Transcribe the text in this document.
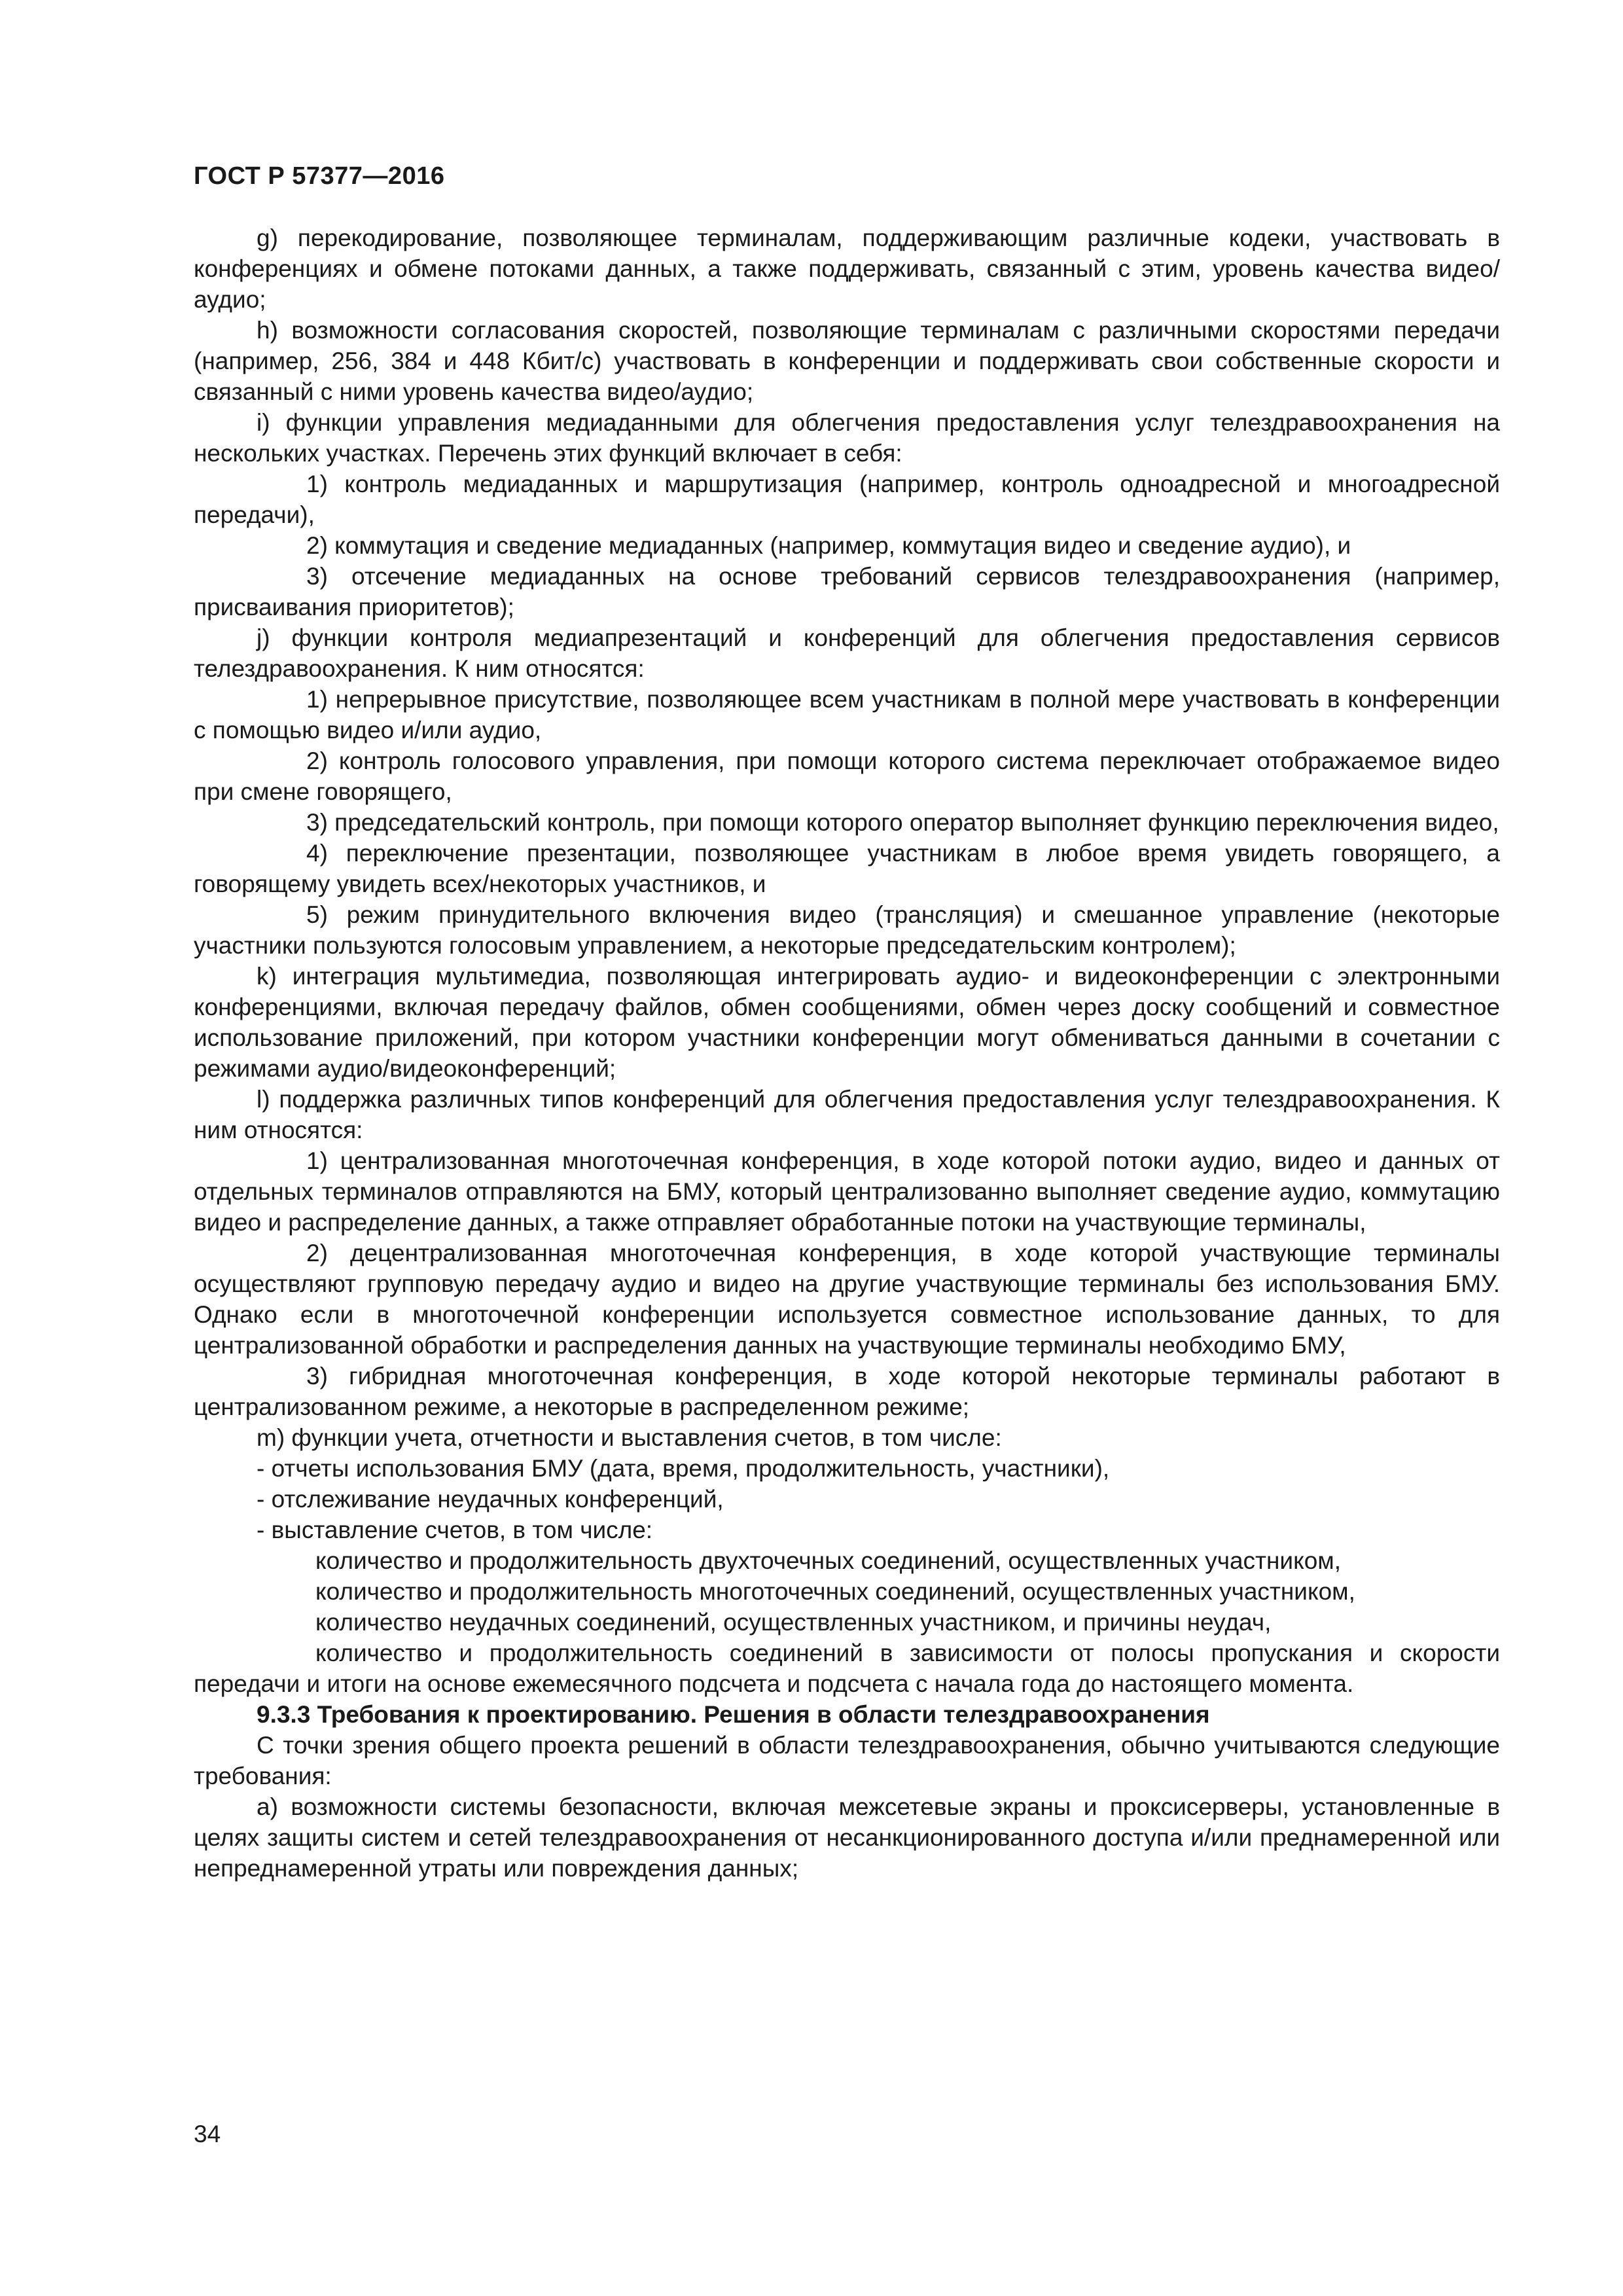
ГОСТ Р 57377—2016

g) перекодирование, позволяющее терминалам, поддерживающим различные кодеки, участвовать в конференциях и обмене потоками данных, а также поддерживать, связанный с этим, уровень качества видео/аудио;

h) возможности согласования скоростей, позволяющие терминалам с различными скоростями передачи (например, 256, 384 и 448 Кбит/с) участвовать в конференции и поддерживать свои собственные скорости и связанный с ними уровень качества видео/аудио;

i) функции управления медиаданными для облегчения предоставления услуг телездравоохранения на нескольких участках. Перечень этих функций включает в себя:

1) контроль медиаданных и маршрутизация (например, контроль одноадресной и многоадресной передачи),

2) коммутация и сведение медиаданных (например, коммутация видео и сведение аудио), и

3) отсечение медиаданных на основе требований сервисов телездравоохранения (например, присваивания приоритетов);

j) функции контроля медиапрезентаций и конференций для облегчения предоставления сервисов телездравоохранения. К ним относятся:

1) непрерывное присутствие, позволяющее всем участникам в полной мере участвовать в конференции с помощью видео и/или аудио,

2) контроль голосового управления, при помощи которого система переключает отображаемое видео при смене говорящего,

3) председательский контроль, при помощи которого оператор выполняет функцию переключения видео,

4) переключение презентации, позволяющее участникам в любое время увидеть говорящего, а говорящему увидеть всех/некоторых участников, и

5) режим принудительного включения видео (трансляция) и смешанное управление (некоторые участники пользуются голосовым управлением, а некоторые председательским контролем);

k) интеграция мультимедиа, позволяющая интегрировать аудио- и видеоконференции с электронными конференциями, включая передачу файлов, обмен сообщениями, обмен через доску сообщений и совместное использование приложений, при котором участники конференции могут обмениваться данными в сочетании с режимами аудио/видеоконференций;

l) поддержка различных типов конференций для облегчения предоставления услуг телездравоохранения. К ним относятся:

1) централизованная многоточечная конференция, в ходе которой потоки аудио, видео и данных от отдельных терминалов отправляются на БМУ, который централизованно выполняет сведение аудио, коммутацию видео и распределение данных, а также отправляет обработанные потоки на участвующие терминалы,

2) децентрализованная многоточечная конференция, в ходе которой участвующие терминалы осуществляют групповую передачу аудио и видео на другие участвующие терминалы без использования БМУ. Однако если в многоточечной конференции используется совместное использование данных, то для централизованной обработки и распределения данных на участвующие терминалы необходимо БМУ,

3) гибридная многоточечная конференция, в ходе которой некоторые терминалы работают в централизованном режиме, а некоторые в распределенном режиме;

m) функции учета, отчетности и выставления счетов, в том числе:

- отчеты использования БМУ (дата, время, продолжительность, участники),

- отслеживание неудачных конференций,

- выставление счетов, в том числе:

количество и продолжительность двухточечных соединений, осуществленных участником,

количество и продолжительность многоточечных соединений, осуществленных участником,

количество неудачных соединений, осуществленных участником, и причины неудач,

количество и продолжительность соединений в зависимости от полосы пропускания и скорости передачи и итоги на основе ежемесячного подсчета и подсчета с начала года до настоящего момента.

9.3.3 Требования к проектированию. Решения в области телездравоохранения

С точки зрения общего проекта решений в области телездравоохранения, обычно учитываются следующие требования:

a) возможности системы безопасности, включая межсетевые экраны и проксисерверы, установленные в целях защиты систем и сетей телездравоохранения от несанкционированного доступа и/или преднамеренной или непреднамеренной утраты или повреждения данных;

34
